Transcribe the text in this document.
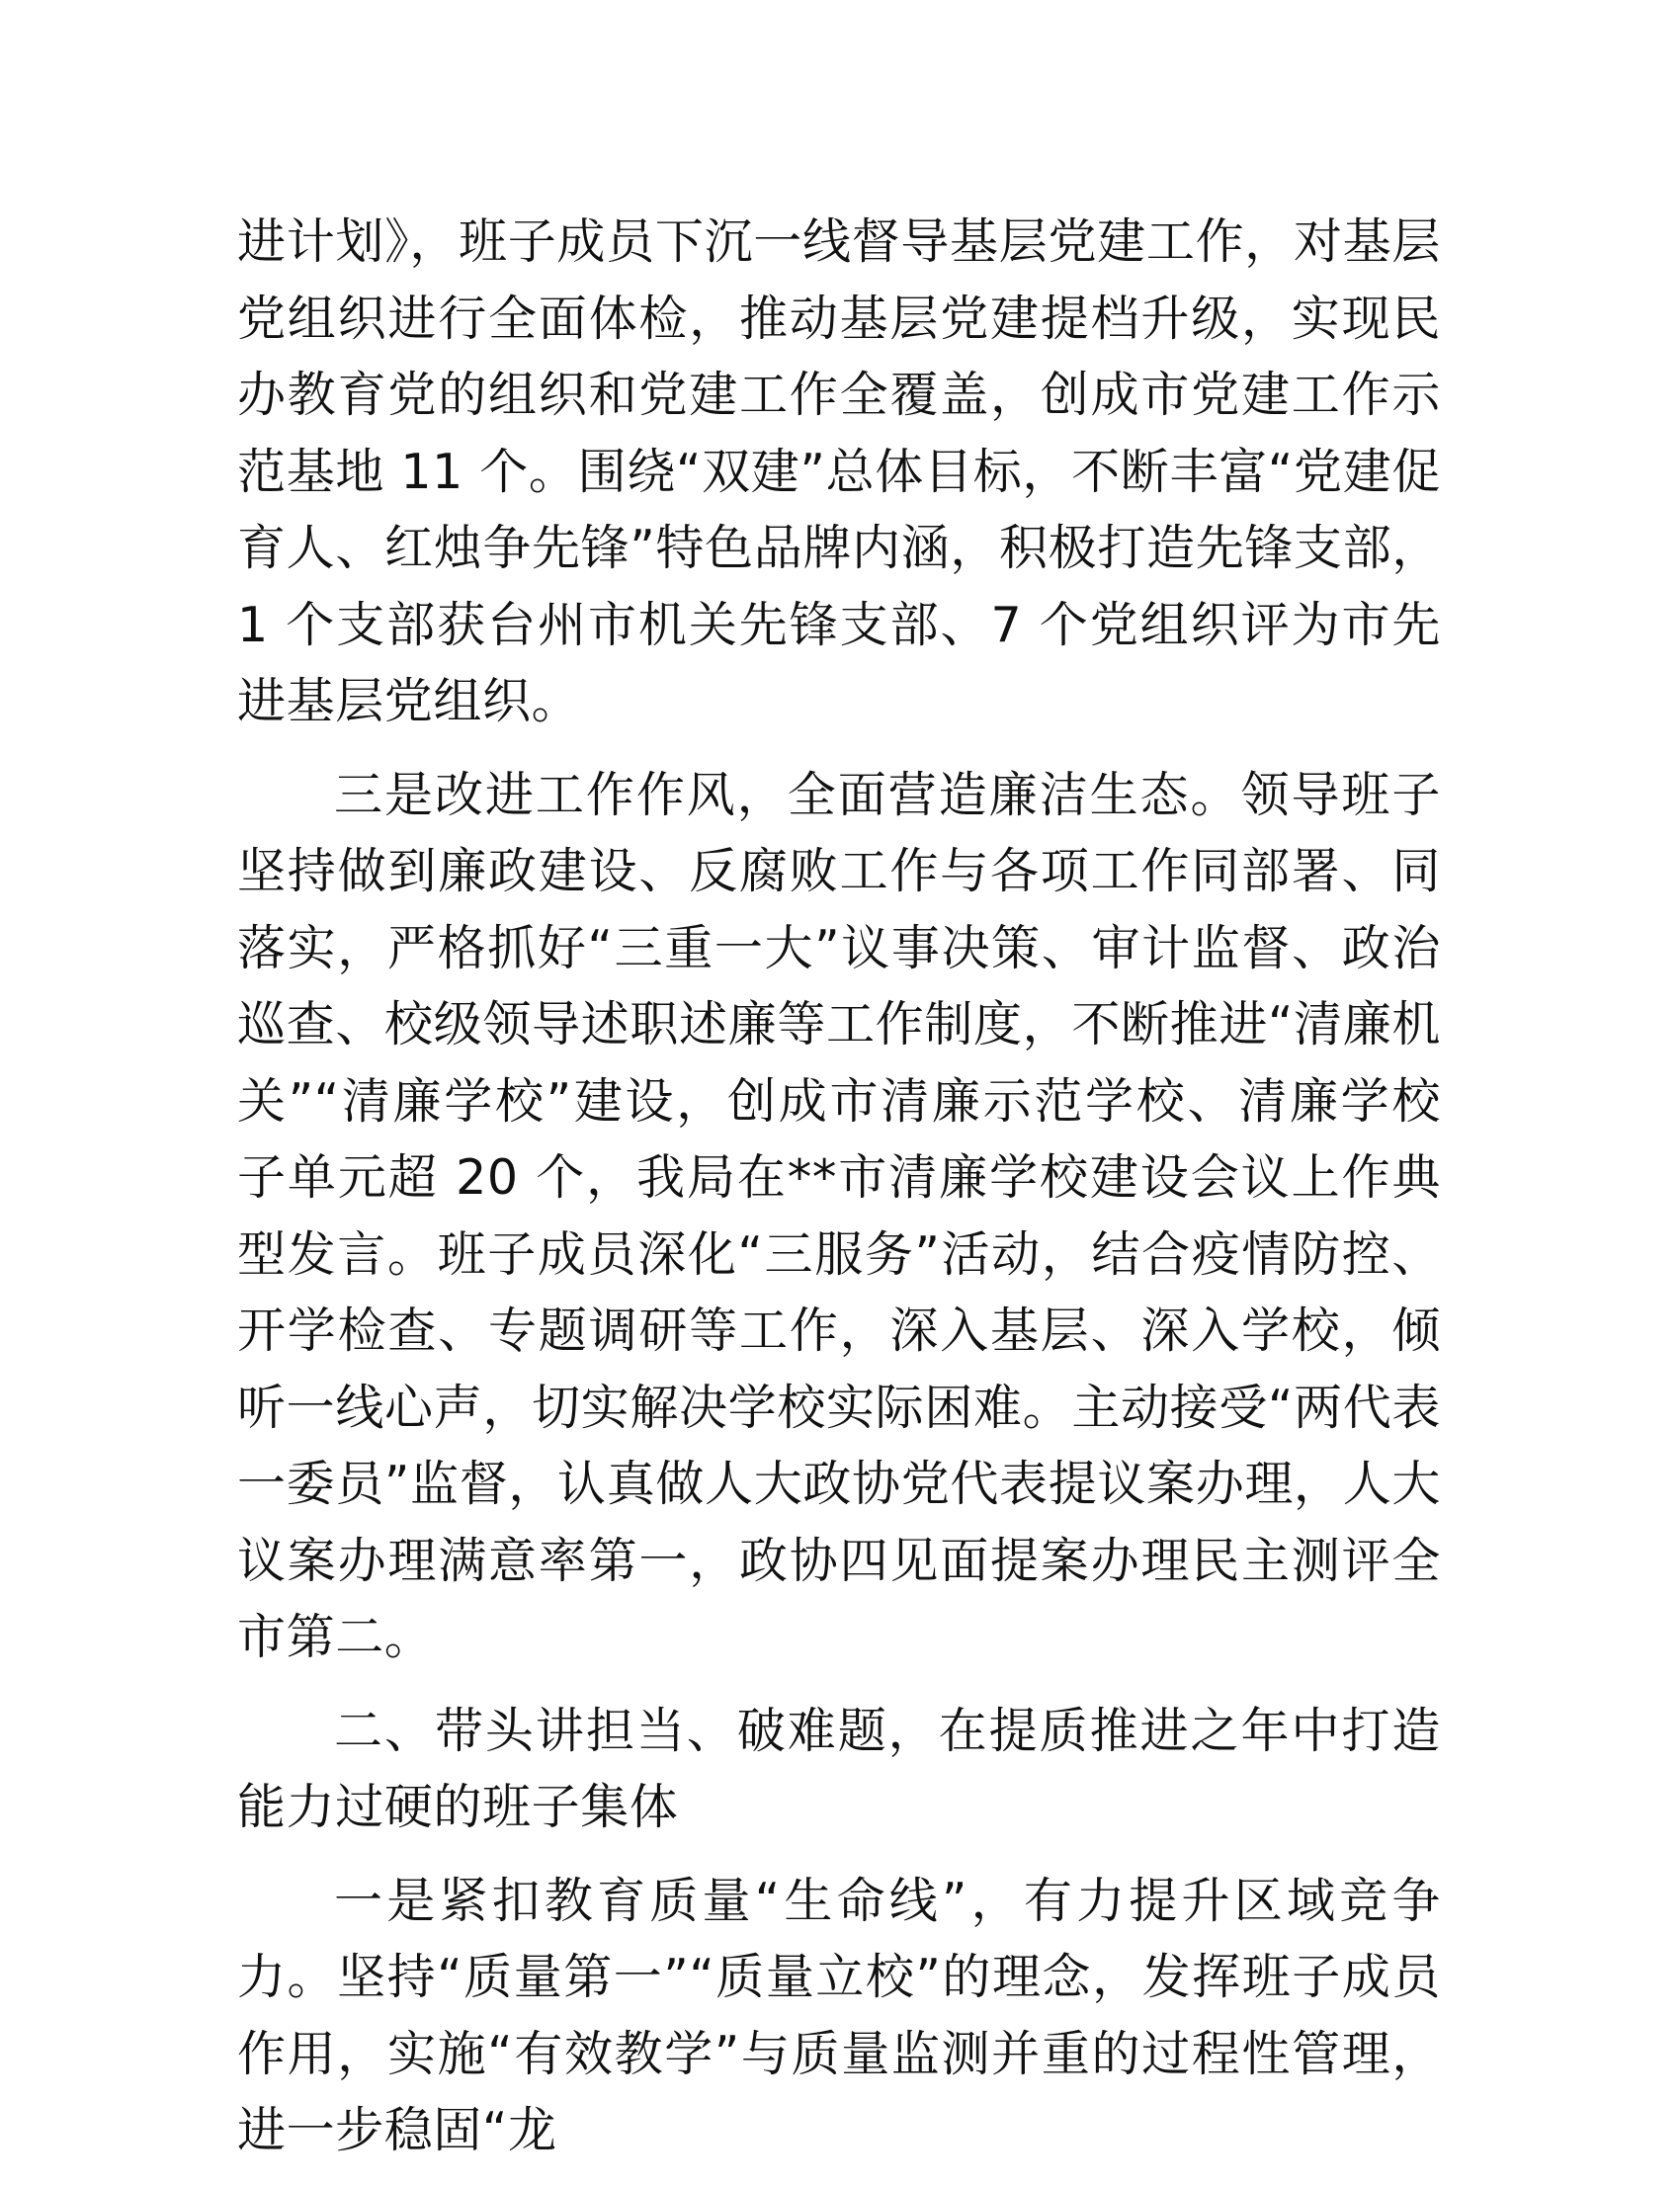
进计划》，班子成员下沉一线督导基层党建工作，对基层党组织进行全面体检，推动基层党建提档升级，实现民办教育党的组织和党建工作全覆盖，创成市党建工作示范基地 11 个。围绕“双建”总体目标，不断丰富“党建促育人、红烛争先锋”特色品牌内涵，积极打造先锋支部，1 个支部获台州市机关先锋支部、7 个党组织评为市先进基层党组织。

三是改进工作作风，全面营造廉洁生态。领导班子坚持做到廉政建设、反腐败工作与各项工作同部署、同落实，严格抓好“三重一大”议事决策、审计监督、政治巡查、校级领导述职述廉等工作制度，不断推进“清廉机关”“清廉学校”建设，创成市清廉示范学校、清廉学校子单元超 20 个，我局在**市清廉学校建设会议上作典型发言。班子成员深化“三服务”活动，结合疫情防控、开学检查、专题调研等工作，深入基层、深入学校，倾听一线心声，切实解决学校实际困难。主动接受“两代表一委员”监督，认真做人大政协党代表提议案办理，人大议案办理满意率第一，政协四见面提案办理民主测评全市第二。

二、带头讲担当、破难题，在提质推进之年中打造能力过硬的班子集体

一是紧扣教育质量“生命线”，有力提升区域竞争力。坚持“质量第一”“质量立校”的理念，发挥班子成员作用，实施“有效教学”与质量监测并重的过程性管理，进一步稳固“龙
